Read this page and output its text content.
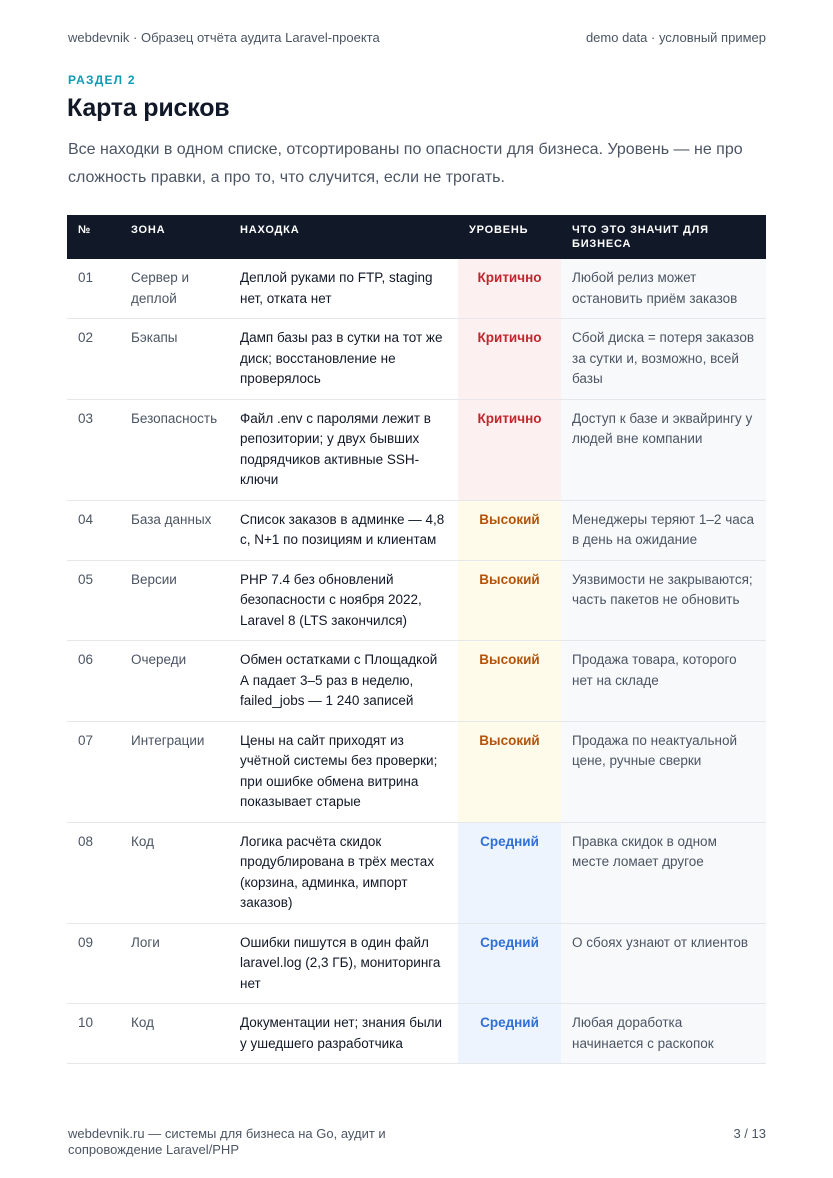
webdevnik · Образец отчёта аудита Laravel-проекта	demo data · условный пример
РАЗДЕЛ 2
Карта рисков

Все находки в одном списке, отсортированы по опасности для бизнеса. Уровень — не про сложность правки, а про то, что случится, если не трогать.

№	ЗОНА	НАХОДКА	УРОВЕНЬ	ЧТО ЭТО ЗНАЧИТ ДЛЯ БИЗНЕСА
01	Сервер и деплой	Деплой руками по FTP, staging нет, отката нет	Критично	Любой релиз может остановить приём заказов
02	Бэкапы	Дамп базы раз в сутки на тот же диск; восстановление не проверялось	Критично	Сбой диска = потеря заказов за сутки и, возможно, всей базы
03	Безопасность	Файл .env с паролями лежит в репозитории; у двух бывших подрядчиков активные SSH-ключи	Критично	Доступ к базе и эквайрингу у людей вне компании
04	База данных	Список заказов в админке — 4,8 с, N+1 по позициям и клиентам	Высокий	Менеджеры теряют 1–2 часа в день на ожидание
05	Версии	PHP 7.4 без обновлений безопасности с ноября 2022, Laravel 8 (LTS закончился)	Высокий	Уязвимости не закрываются; часть пакетов не обновить
06	Очереди	Обмен остатками с Площадкой А падает 3–5 раз в неделю, failed_jobs — 1 240 записей	Высокий	Продажа товара, которого нет на складе
07	Интеграции	Цены на сайт приходят из учётной системы без проверки; при ошибке обмена витрина показывает старые	Высокий	Продажа по неактуальной цене, ручные сверки
08	Код	Логика расчёта скидок продублирована в трёх местах (корзина, админка, импорт заказов)	Средний	Правка скидок в одном месте ломает другое
09	Логи	Ошибки пишутся в один файл laravel.log (2,3 ГБ), мониторинга нет	Средний	О сбоях узнают от клиентов
10	Код	Документации нет; знания были у ушедшего разработчика	Средний	Любая доработка начинается с раскопок
webdevnik.ru — системы для бизнеса на Go, аудит и сопровождение Laravel/PHP
3 / 13
